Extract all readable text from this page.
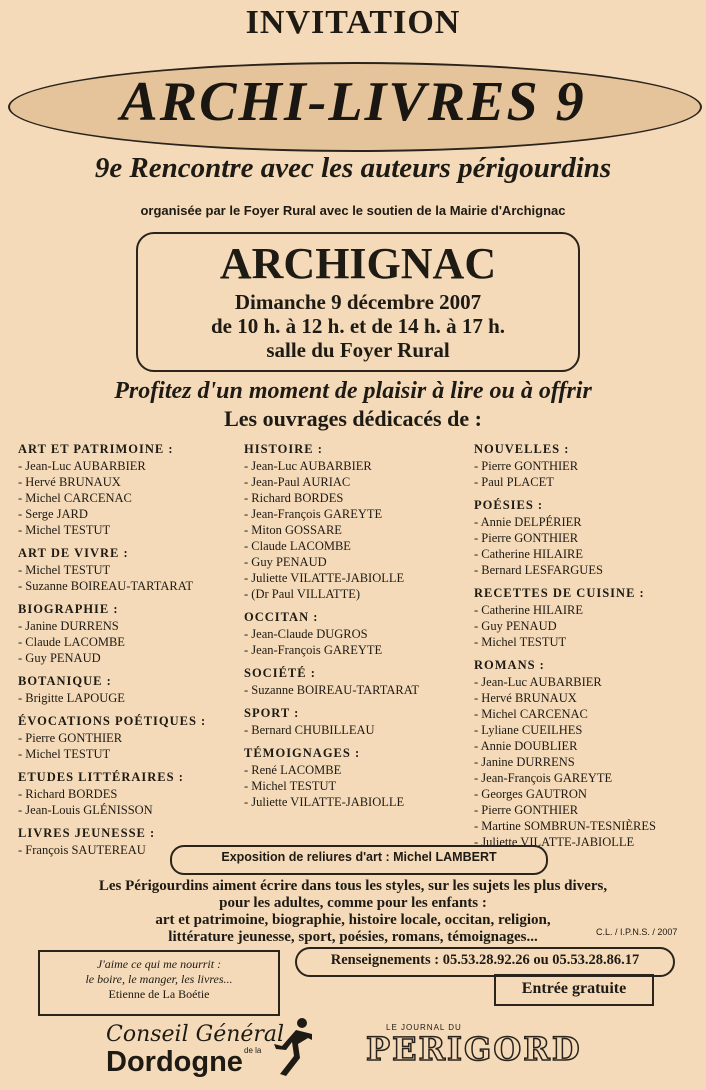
INVITATION
ARCHI-LIVRES 9
9e Rencontre avec les auteurs périgourdins
organisée par le Foyer Rural avec le soutien de la Mairie d'Archignac
ARCHIGNAC
Dimanche 9 décembre 2007
de 10 h. à 12 h. et de 14 h. à 17 h.
salle du Foyer Rural
Profitez d'un moment de plaisir à lire ou à offrir
Les ouvrages dédicacés de :
ART ET PATRIMOINE :
- Jean-Luc AUBARBIER
- Hervé BRUNAUX
- Michel CARCENAC
- Serge JARD
- Michel TESTUT
ART DE VIVRE :
- Michel TESTUT
- Suzanne BOIREAU-TARTARAT
BIOGRAPHIE :
- Janine DURRENS
- Claude LACOMBE
- Guy PENAUD
BOTANIQUE :
- Brigitte LAPOUGE
ÉVOCATIONS POÉTIQUES :
- Pierre GONTHIER
- Michel TESTUT
ETUDES LITTÉRAIRES :
- Richard BORDES
- Jean-Louis GLÉNISSON
LIVRES JEUNESSE :
- François SAUTEREAU
HISTOIRE :
- Jean-Luc AUBARBIER
- Jean-Paul AURIAC
- Richard BORDES
- Jean-François GAREYTE
- Miton GOSSARE
- Claude LACOMBE
- Guy PENAUD
- Juliette VILATTE-JABIOLLE
- (Dr Paul VILLATTE)
OCCITAN :
- Jean-Claude DUGROS
- Jean-François GAREYTE
SOCIÉTÉ :
- Suzanne BOIREAU-TARTARAT
SPORT :
- Bernard CHUBILLEAU
TÉMOIGNAGES :
- René LACOMBE
- Michel TESTUT
- Juliette VILATTE-JABIOLLE
NOUVELLES :
- Pierre GONTHIER
- Paul PLACET
POÉSIES :
- Annie DELPÉRIER
- Pierre GONTHIER
- Catherine HILAIRE
- Bernard LESFARGUES
RECETTES DE CUISINE :
- Catherine HILAIRE
- Guy PENAUD
- Michel TESTUT
ROMANS :
- Jean-Luc AUBARBIER
- Hervé BRUNAUX
- Michel CARCENAC
- Lyliane CUEILHES
- Annie DOUBLIER
- Janine DURRENS
- Jean-François GAREYTE
- Georges GAUTRON
- Pierre GONTHIER
- Martine SOMBRUN-TESNIÈRES
- Juliette VILATTE-JABIOLLE
Exposition de reliures d'art : Michel LAMBERT
Les Périgourdins aiment écrire dans tous les styles, sur les sujets les plus divers,
pour les adultes, comme pour les enfants :
art et patrimoine, biographie, histoire locale, occitan, religion,
littérature jeunesse, sport, poésies, romans, témoignages...	C.L. / I.P.N.S. / 2007
J'aime ce qui me nourrit :
le boire, le manger, les livres...
Etienne de La Boétie
Renseignements : 05.53.28.92.26 ou 05.53.28.86.17
Entrée gratuite
Conseil Général
Dordogne de la
LE JOURNAL DU
PERIGORD
